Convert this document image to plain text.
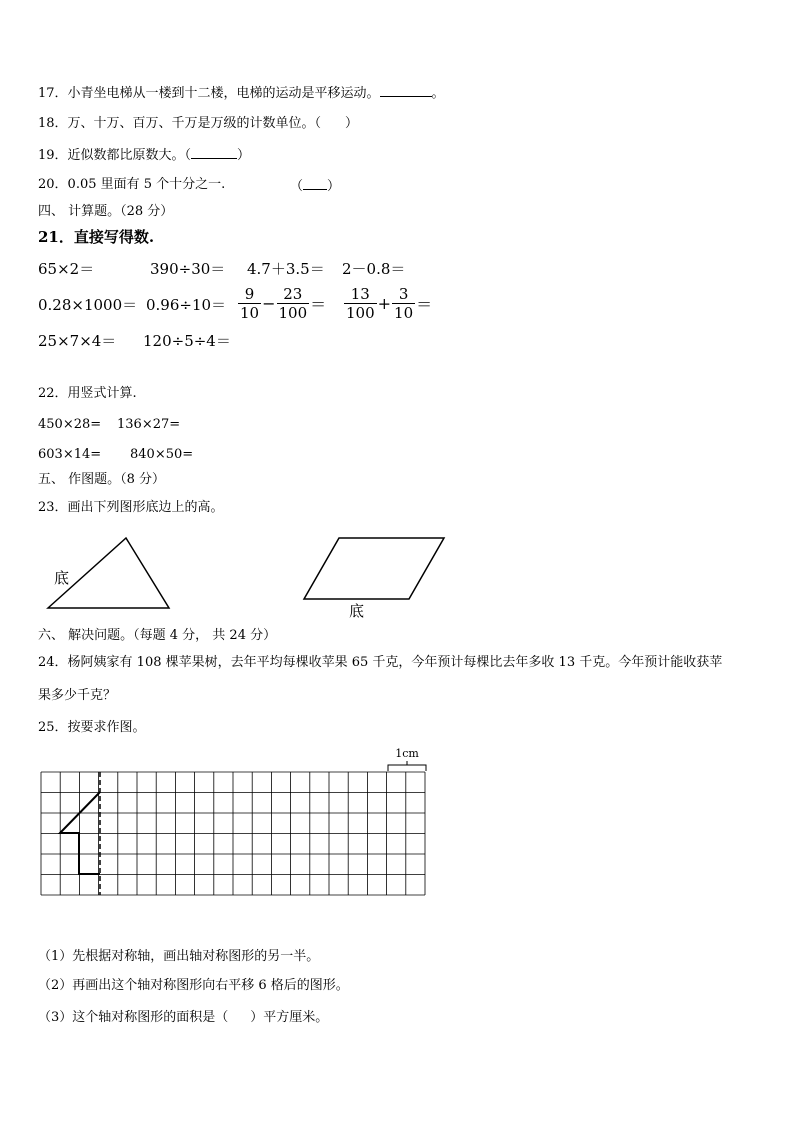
17．小青坐电梯从一楼到十二楼，电梯的运动是平移运动。	。
18．万、十万、百万、千万是万级的计数单位。（ ）
19．近似数都比原数大。（	）
20．0.05 里面有 5 个十分之一.	（ ）
四、 计算题。（28 分）
21．直接写得数.
65×2＝	390÷30＝ 4.7＋3.5＝ 2－0.8＝
$0.28\times 1000= 0.96\div 10= \frac{9}{10} - \frac{23}{100} = \frac{13}{100} + \frac{3}{10}$ ＝
25×7×4＝ 120÷5÷4＝
22．用竖式计算.
450×28= 136×27=
603×14= 840×50=
五、 作图题。（8 分）
23．画出下列图形底边上的高。
底
底
六、 解决问题。（每题 4 分， 共 24 分）
24．杨阿姨家有 108 棵苹果树，去年平均每棵收苹果 65 千克，今年预计每棵比去年多收 13 千克。今年预计能收获苹
果多少千克？
25．按要求作图。
1cm
（1）先根据对称轴，画出轴对称图形的另一半。
（2）再画出这个轴对称图形向右平移 6 格后的图形。
（3）这个轴对称图形的面积是（ ）平方厘米。
